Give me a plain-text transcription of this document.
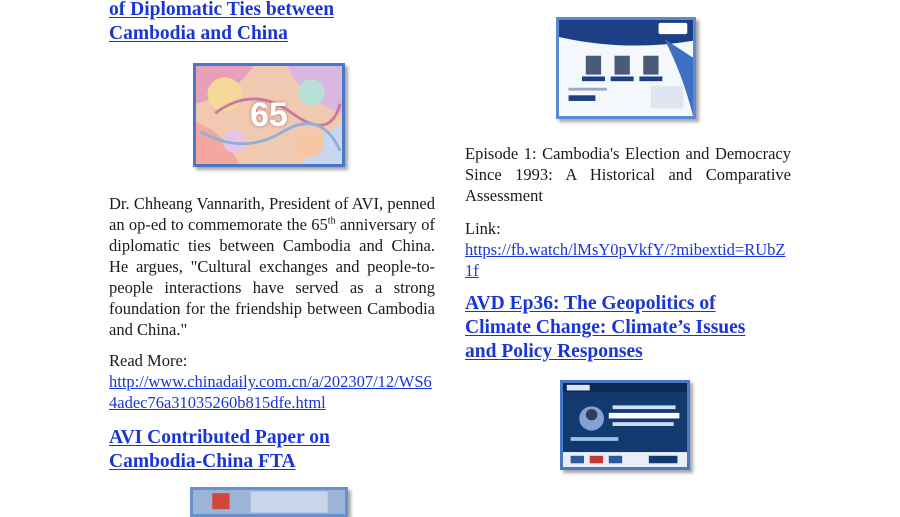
of Diplomatic Ties between
Cambodia and China
65

Dr. Chheang Vannarith, President of AVI, penned an op-ed to commemorate the 65th anniversary of diplomatic ties between Cambodia and China. He argues, "Cultural exchanges and people-to-people interactions have served as a strong foundation for the friendship between Cambodia and China."

Read More:

http://www.chinadaily.com.cn/a/202307/12/WS64adec76a31035260b815dfe.html

AVI Contributed Paper on
Cambodia-China FTA

Episode 1: Cambodia's Election and Democracy Since 1993: A Historical and Comparative Assessment

Link:

https://fb.watch/lMsY0pVkfY/?mibextid=RUbZ1f

AVD Ep36: The Geopolitics of
Climate Change: Climate’s Issues
and Policy Responses
